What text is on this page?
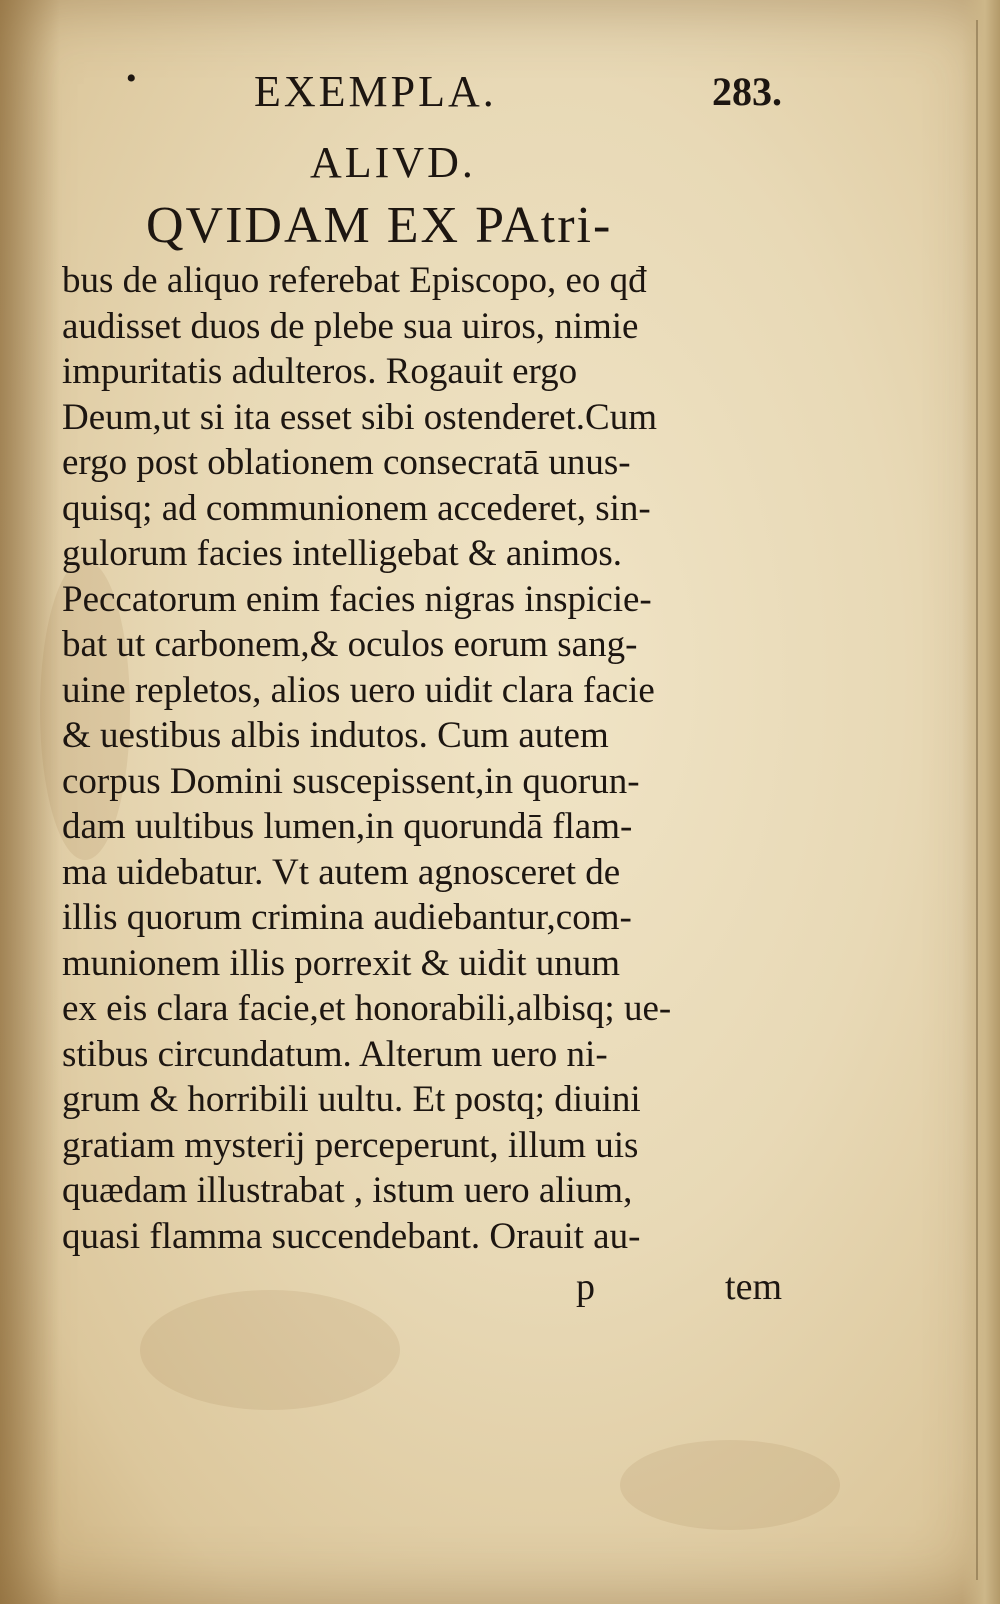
•	EXEMPLA.	283.
ALIVD.
QVIDAM EX PAtri-
bus de aliquo referebat Episcopo, eo qđ
audisset duos de plebe sua uiros, nimie
impuritatis adulteros. Rogauit ergo
Deum,ut si ita esset sibi ostenderet.Cum
ergo post oblationem consecratā unus-
quisq; ad communionem accederet, sin-
gulorum facies intelligebat & animos.
Peccatorum enim facies nigras inspicie-
bat ut carbonem,& oculos eorum sang-
uine repletos, alios uero uidit clara facie
& uestibus albis indutos. Cum autem
corpus Domini suscepissent,in quorun-
dam uultibus lumen,in quorundā flam-
ma uidebatur. Vt autem agnosceret de
illis quorum crimina audiebantur,com-
munionem illis porrexit & uidit unum
ex eis clara facie,et honorabili,albisq; ue-
stibus circundatum. Alterum uero ni-
grum & horribili uultu. Et postq; diuini
gratiam mysterij perceperunt, illum uis
quædam illustrabat , istum uero alium,
quasi flamma succendebant. Orauit au-
p	tem
